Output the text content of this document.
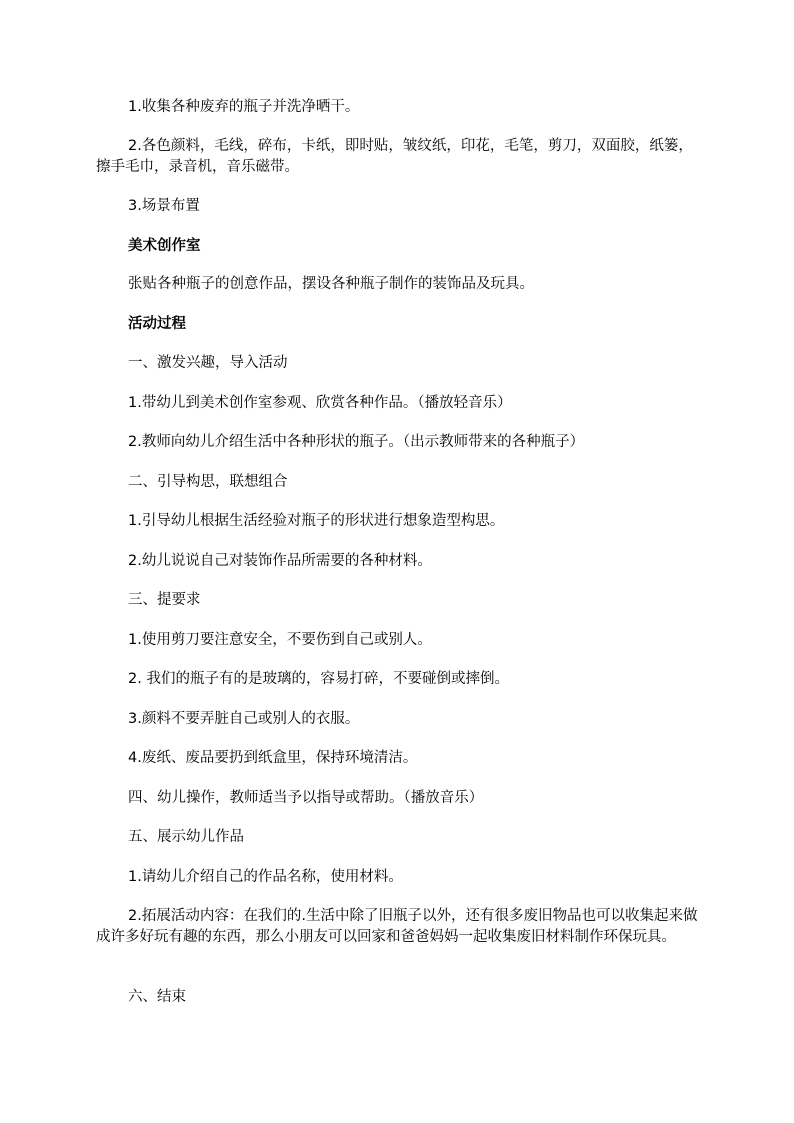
1.收集各种废弃的瓶子并洗净晒干。

2.各色颜料，毛线，碎布，卡纸，即时贴，皱纹纸，印花，毛笔，剪刀，双面胶，纸篓，擦手毛巾，录音机，音乐磁带。

3.场景布置

美术创作室

张贴各种瓶子的创意作品，摆设各种瓶子制作的装饰品及玩具。

活动过程

一、激发兴趣，导入活动

1.带幼儿到美术创作室参观、欣赏各种作品。（播放轻音乐）

2.教师向幼儿介绍生活中各种形状的瓶子。（出示教师带来的各种瓶子）

二、引导构思，联想组合

1.引导幼儿根据生活经验对瓶子的形状进行想象造型构思。

2.幼儿说说自己对装饰作品所需要的各种材料。

三、提要求

1.使用剪刀要注意安全，不要伤到自己或别人。

2. 我们的瓶子有的是玻璃的，容易打碎，不要碰倒或摔倒。

3.颜料不要弄脏自己或别人的衣服。

4.废纸、废品要扔到纸盒里，保持环境清洁。

四、幼儿操作，教师适当予以指导或帮助。（播放音乐）

五、展示幼儿作品

1.请幼儿介绍自己的作品名称，使用材料。

2.拓展活动内容：在我们的.生活中除了旧瓶子以外，还有很多废旧物品也可以收集起来做成许多好玩有趣的东西，那么小朋友可以回家和爸爸妈妈一起收集废旧材料制作环保玩具。

六、结束
